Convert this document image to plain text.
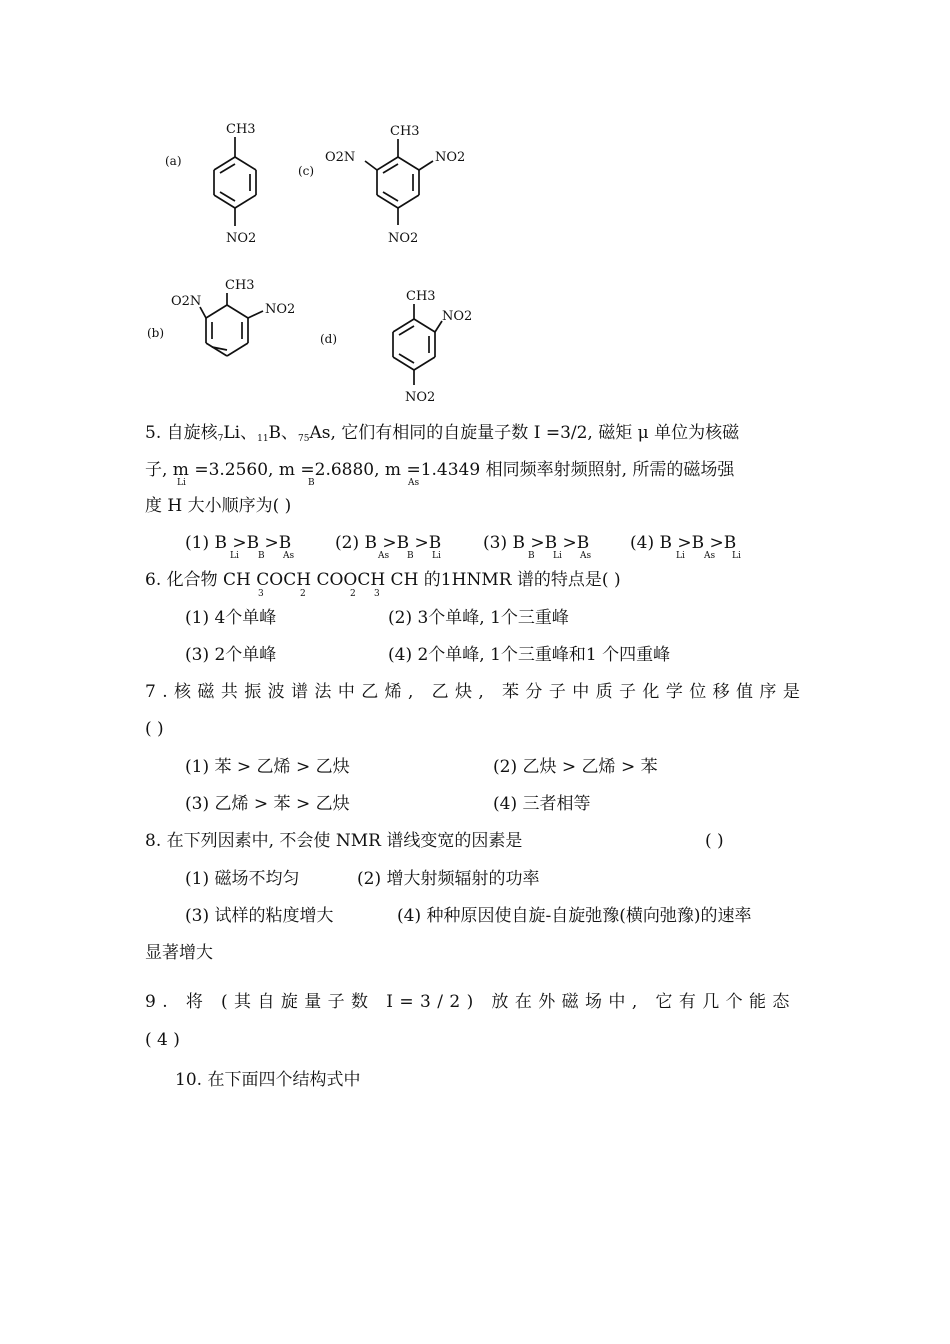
(a)
CH3
NO2
(c)
CH3
O2N	NO2
NO2
(b)
CH3
O2N
NO2
(d)
CH3
NO2
NO2
5. 自旋核7Li、11B、75As, 它们有相同的自旋量子数 I =3/2, 磁矩 μ 单位为核磁
子, m =3.2560, m =2.6880, m =1.4349 相同频率射频照射, 所需的磁场强
Li	B	As
度 H 大小顺序为( )
(1) B >B >B	(2) B >B >B (3) B >B >B (4) B >B >B
Li B As	As B Li	B Li As	Li As Li
6. 化合物 CH COCH COOCH CH 的1HNMR 谱的特点是( )
3	2	2 3
(1) 4个单峰	(2) 3个单峰, 1个三重峰
(3) 2个单峰	(4) 2个单峰, 1个三重峰和1 个四重峰
7.核磁共振波谱法中乙烯, 乙炔, 苯分子中质子化学位移值序是
( )
(1) 苯 > 乙烯 > 乙炔	(2) 乙炔 > 乙烯 > 苯
(3) 乙烯 > 苯 > 乙炔	(4) 三者相等
8. 在下列因素中, 不会使 NMR 谱线变宽的因素是	( )
(1) 磁场不均匀	(2) 增大射频辐射的功率
(3) 试样的粘度增大	(4) 种种原因使自旋-自旋弛豫(横向弛豫)的速率
显著增大
9. 将 (其自旋量子数 I=3/2) 放在外磁场中, 它有几个能态
( 4 )
10. 在下面四个结构式中
